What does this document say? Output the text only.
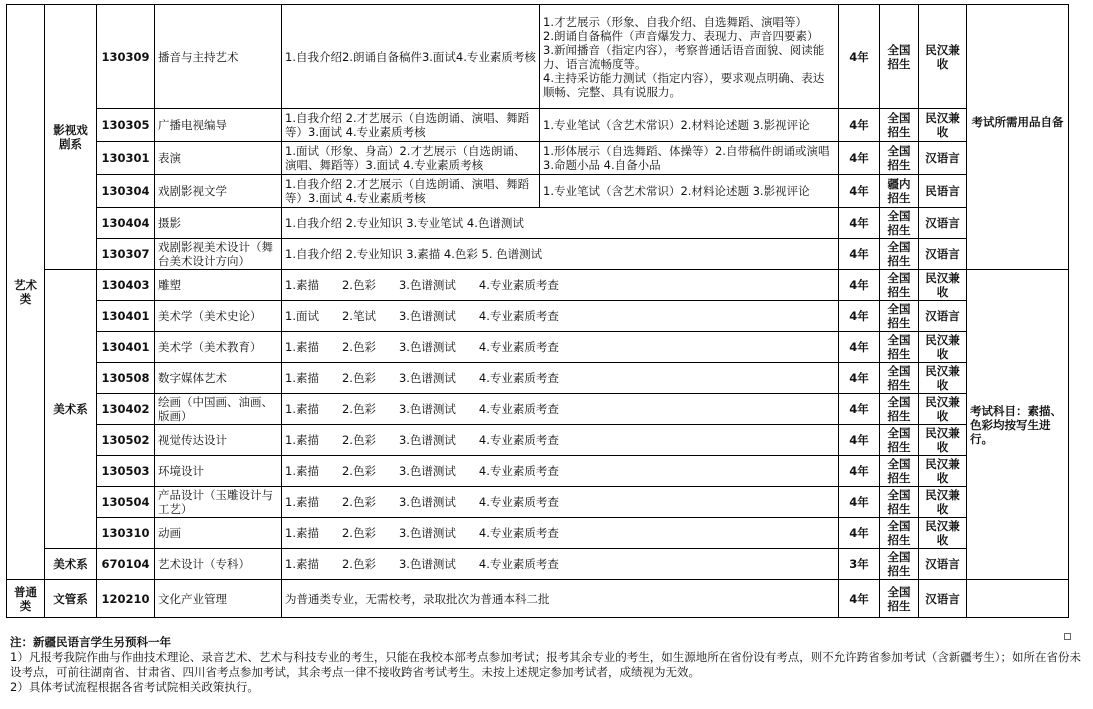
艺术类	影视戏剧系	130309	播音与主持艺术	1.自我介绍2.朗诵自备稿件3.面试4.专业素质考核	1.才艺展示（形象、自我介绍、自选舞蹈、演唱等）
2.朗诵自备稿件（声音爆发力、表现力、声音四要素）
3.新闻播音（指定内容），考察普通话语音面貌、阅读能力、语言流畅度等。
4.主持采访能力测试（指定内容），要求观点明确、表达顺畅、完整、具有说服力。	4年	全国招生	民汉兼收	考试所需用品自备
		130305	广播电视编导	1.自我介绍 2.才艺展示（自选朗诵、演唱、舞蹈等）3.面试 4.专业素质考核	1.专业笔试（含艺术常识）2.材料论述题 3.影视评论	4年	全国招生	民汉兼收	
		130301	表演	1.面试（形象、身高）2.才艺展示（自选朗诵、演唱、舞蹈等）3.面试 4.专业素质考核	1.形体展示（自选舞蹈、体操等）2.自带稿件朗诵或演唱 3.命题小品 4.自备小品	4年	全国招生	汉语言	
		130304	戏剧影视文学	1.自我介绍 2.才艺展示（自选朗诵、演唱、舞蹈等）3.面试 4.专业素质考核	1.专业笔试（含艺术常识）2.材料论述题 3.影视评论	4年	疆内招生	民语言	
		130404	摄影	1.自我介绍 2.专业知识 3.专业笔试 4.色谱测试		4年	全国招生	汉语言	
		130307	戏剧影视美术设计（舞台美术设计方向）	1.自我介绍 2.专业知识 3.素描 4.色彩 5. 色谱测试		4年	全国招生	汉语言	
	美术系	130403	雕塑	1.素描　　2.色彩　　3.色谱测试　　4.专业素质考查		4年	全国招生	民汉兼收	考试科目：素描、色彩均按写生进行。
		130401	美术学（美术史论）	1.面试　　2.笔试　　3.色谱测试　　4.专业素质考查		4年	全国招生	汉语言	
		130401	美术学（美术教育）	1.素描　　2.色彩　　3.色谱测试　　4.专业素质考查		4年	全国招生	民汉兼收	
		130508	数字媒体艺术	1.素描　　2.色彩　　3.色谱测试　　4.专业素质考查		4年	全国招生	民汉兼收	
		130402	绘画（中国画、油画、版画）	1.素描　　2.色彩　　3.色谱测试　　4.专业素质考查		4年	全国招生	民汉兼收	
		130502	视觉传达设计	1.素描　　2.色彩　　3.色谱测试　　4.专业素质考查		4年	全国招生	民汉兼收	
		130503	环境设计	1.素描　　2.色彩　　3.色谱测试　　4.专业素质考查		4年	全国招生	民汉兼收	
		130504	产品设计（玉雕设计与工艺）	1.素描　　2.色彩　　3.色谱测试　　4.专业素质考查		4年	全国招生	民汉兼收	
		130310	动画	1.素描　　2.色彩　　3.色谱测试　　4.专业素质考查		4年	全国招生	民汉兼收	
	美术系	670104	艺术设计（专科）	1.素描　　2.色彩　　3.色谱测试　　4.专业素质考查		3年	全国招生	汉语言	
普通类	文管系	120210	文化产业管理	为普通类专业，无需校考，录取批次为普通本科二批		4年	全国招生	汉语言	
注：新疆民语言学生另预科一年
1）凡报考我院作曲与作曲技术理论、录音艺术、艺术与科技专业的考生，只能在我校本部考点参加考试；报考其余专业的考生，如生源地所在省份设有考点，则不允许跨省参加考试（含新疆考生）；如所在省份未设考点，可前往湖南省、甘肃省、四川省考点参加考试，其余考点一律不接收跨省考试考生。未按上述规定参加考试者，成绩视为无效。
2）具体考试流程根据各省考试院相关政策执行。
